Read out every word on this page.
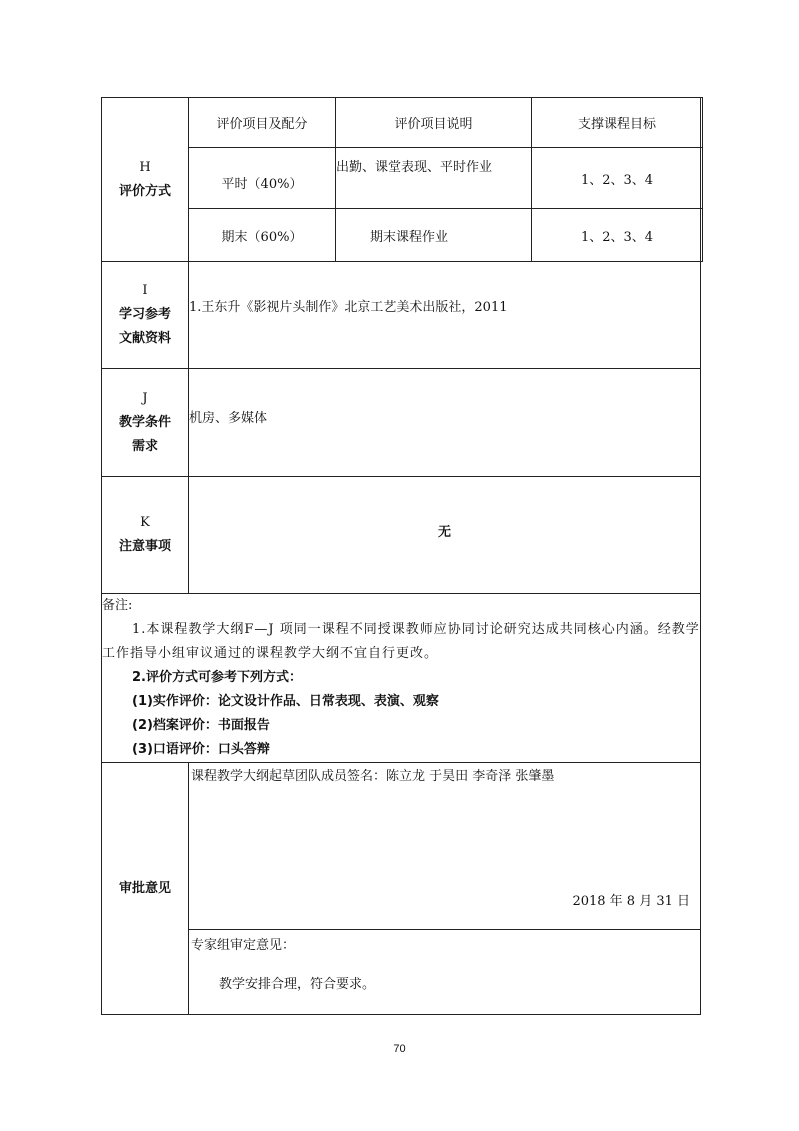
H
评价方式

评价项目及配分	评价项目说明	支撑课程目标
平时（40%）	出勤、课堂表现、平时作业	1、2、3、4
期末（60%）	期末课程作业	1、2、3、4

I
学习参考
文献资料
	1.王东升《影视片头制作》北京工艺美术出版社，2011

J
教学条件
需求
	机房、多媒体

K
注意事项
	无

备注:
1.本课程教学大纲F—J 项同一课程不同授课教师应协同讨论研究达成共同核心内涵。经教学工作指导小组审议通过的课程教学大纲不宜自行更改。
2.评价方式可参考下列方式：
(1)实作评价：论文设计作品、日常表现、表演、观察
(2)档案评价：书面报告
(3)口语评价：口头答辩

审批意见

课程教学大纲起草团队成员签名：陈立龙 于昊田 李奇泽 张肇墨
2018 年 8 月 31 日

专家组审定意见：
教学安排合理，符合要求。
70
